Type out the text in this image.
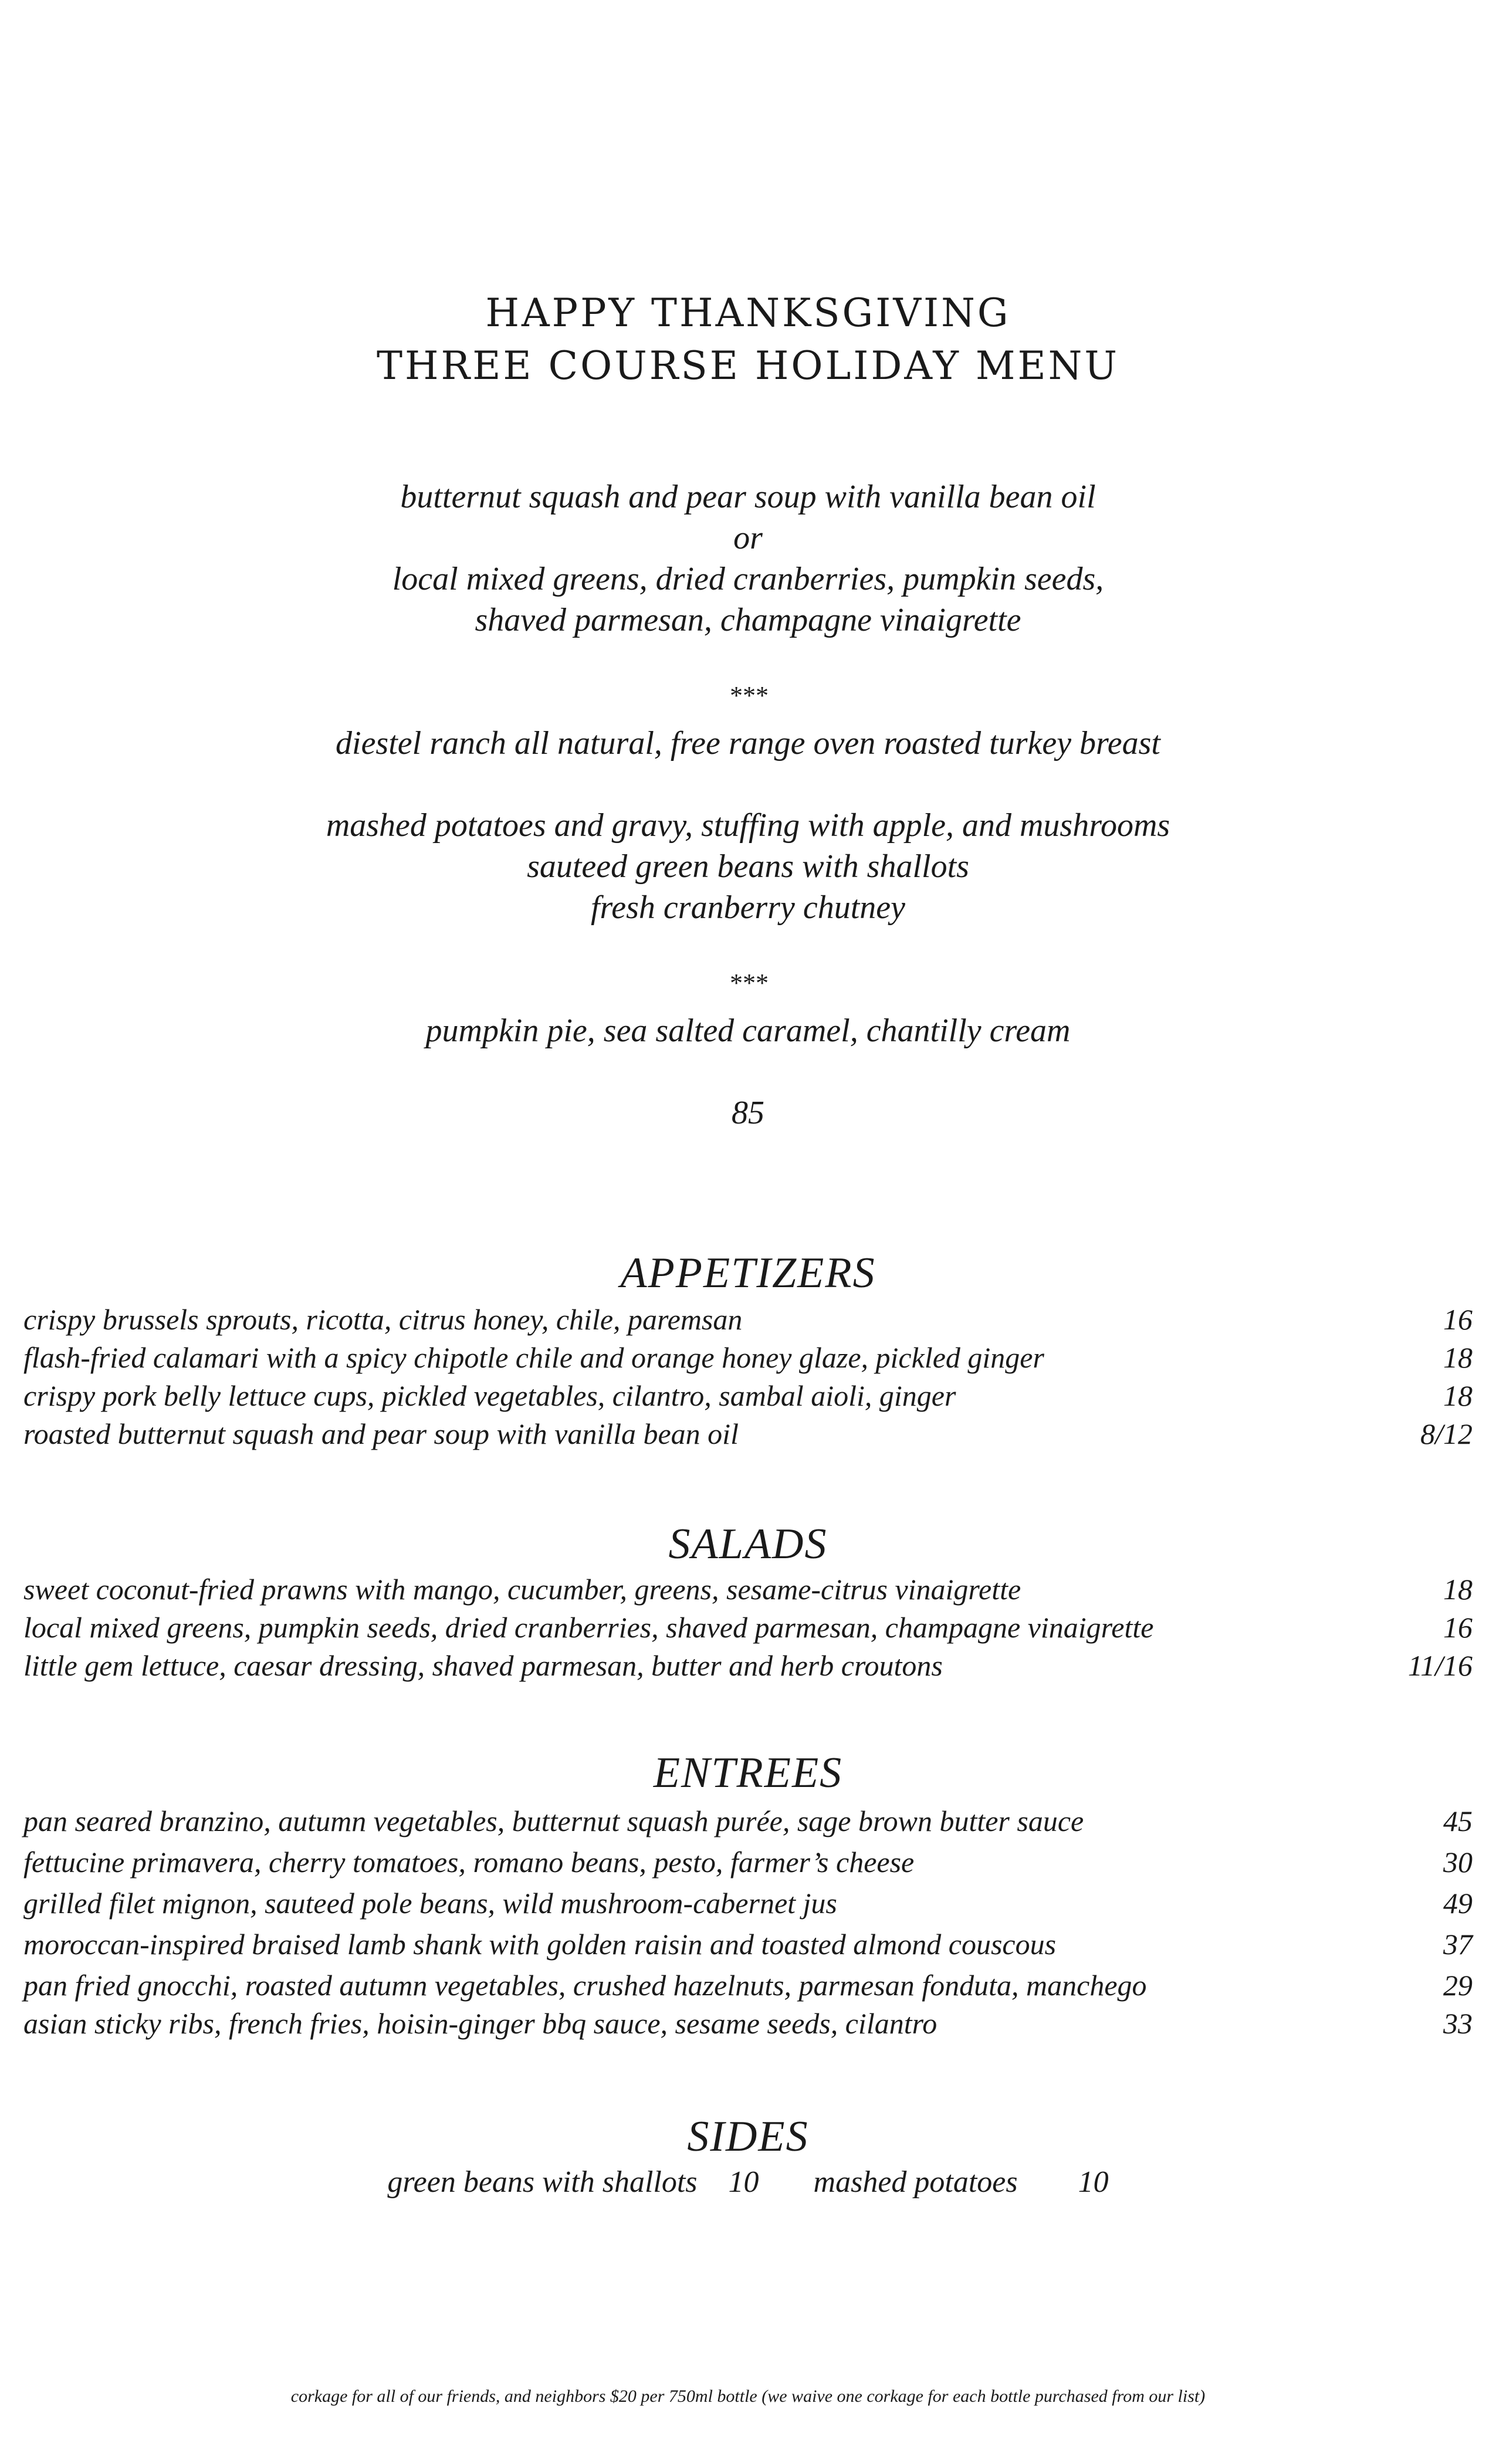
HAPPY THANKSGIVING
THREE COURSE HOLIDAY MENU
butternut squash and pear soup with vanilla bean oil
or
local mixed greens, dried cranberries, pumpkin seeds,
shaved parmesan, champagne vinaigrette
***
diestel ranch all natural, free range oven roasted turkey breast
mashed potatoes and gravy, stuffing with apple, and mushrooms
sauteed green beans with shallots
fresh cranberry chutney
***
pumpkin pie, sea salted caramel, chantilly cream
85
APPETIZERS
crispy brussels sprouts, ricotta, citrus honey, chile, paremsan	16
flash-fried calamari with a spicy chipotle chile and orange honey glaze, pickled ginger	18
crispy pork belly lettuce cups, pickled vegetables, cilantro, sambal aioli, ginger	18
roasted butternut squash and pear soup with vanilla bean oil	8/12
SALADS
sweet coconut-fried prawns with mango, cucumber, greens, sesame-citrus vinaigrette	18
local mixed greens, pumpkin seeds, dried cranberries, shaved parmesan, champagne vinaigrette	16
little gem lettuce, caesar dressing, shaved parmesan, butter and herb croutons	11/16
ENTREES
pan seared branzino, autumn vegetables, butternut squash purée, sage brown butter sauce	45
fettucine primavera, cherry tomatoes, romano beans, pesto, farmer’s cheese	30
grilled filet mignon, sauteed pole beans, wild mushroom-cabernet jus	49
moroccan-inspired braised lamb shank with golden raisin and toasted almond couscous	37
pan fried gnocchi, roasted autumn vegetables, crushed hazelnuts, parmesan fonduta, manchego	29
asian sticky ribs, french fries, hoisin-ginger bbq sauce, sesame seeds, cilantro	33
SIDES
green beans with shallots 10 mashed potatoes 10
corkage for all of our friends, and neighbors $20 per 750ml bottle (we waive one corkage for each bottle purchased from our list)
